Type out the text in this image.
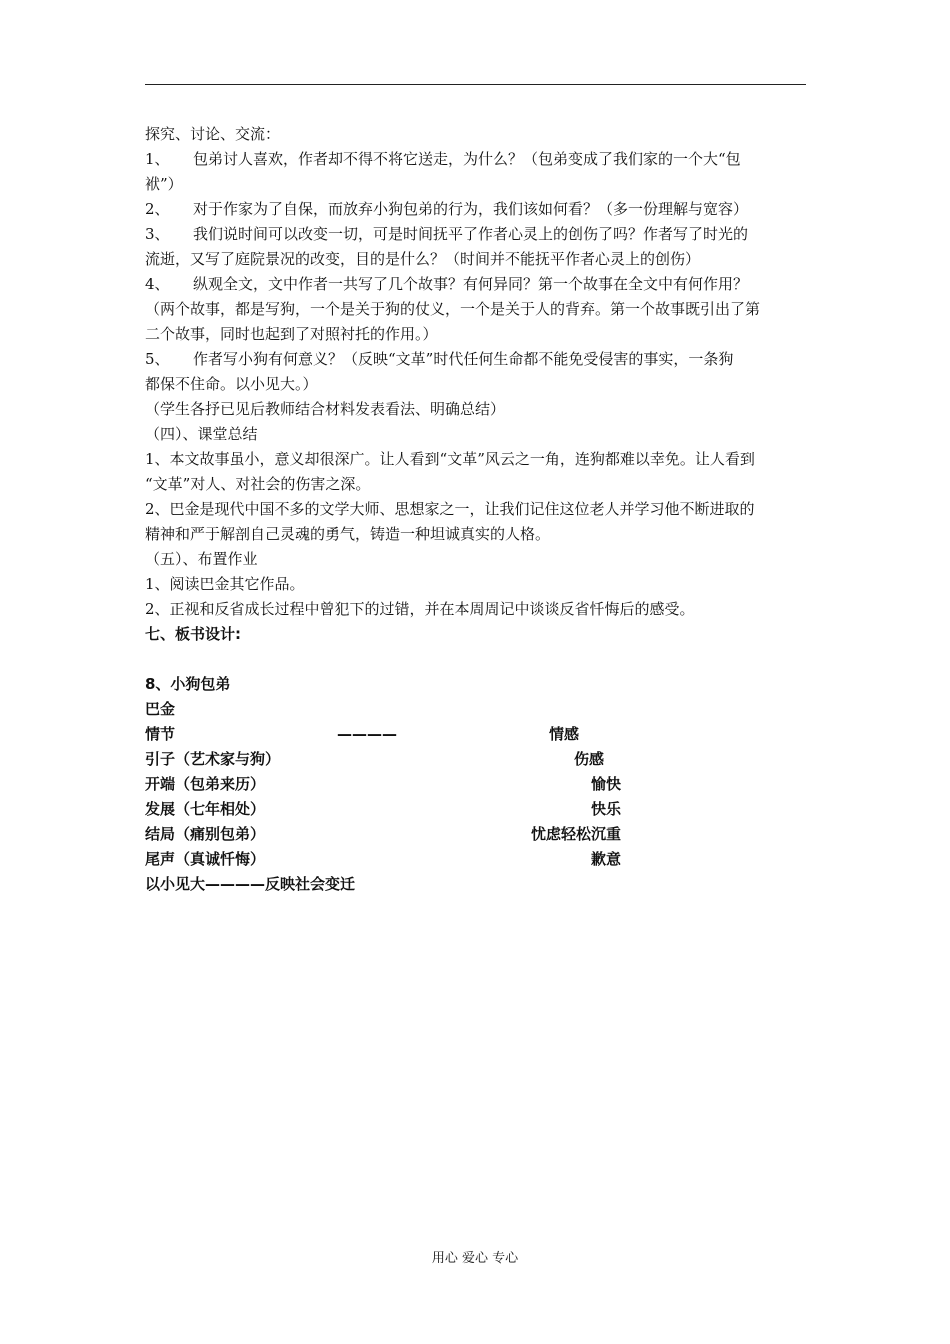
探究、讨论、交流：
1、 包弟讨人喜欢，作者却不得不将它送走，为什么？（包弟变成了我们家的一个大“包
袱”）
2、 对于作家为了自保，而放弃小狗包弟的行为，我们该如何看？（多一份理解与宽容）
3、 我们说时间可以改变一切，可是时间抚平了作者心灵上的创伤了吗？作者写了时光的
流逝，又写了庭院景况的改变，目的是什么？（时间并不能抚平作者心灵上的创伤）
4、 纵观全文，文中作者一共写了几个故事？有何异同？第一个故事在全文中有何作用？
（两个故事，都是写狗，一个是关于狗的仗义，一个是关于人的背弃。第一个故事既引出了第
二个故事，同时也起到了对照衬托的作用。）
5、 作者写小狗有何意义？（反映“文革”时代任何生命都不能免受侵害的事实，一条狗
都保不住命。以小见大。）
（学生各抒已见后教师结合材料发表看法、明确总结）
（四）、课堂总结
1、本文故事虽小，意义却很深广。让人看到“文革”风云之一角，连狗都难以幸免。让人看到
“文革”对人、对社会的伤害之深。
2、巴金是现代中国不多的文学大师、思想家之一，让我们记住这位老人并学习他不断进取的
精神和严于解剖自己灵魂的勇气，铸造一种坦诚真实的人格。
（五）、布置作业
1、阅读巴金其它作品。
2、正视和反省成长过程中曾犯下的过错，并在本周周记中谈谈反省忏悔后的感受。
七、板书设计:
8、小狗包弟
巴金
情节	————	情感
引子（艺术家与狗）	伤感
开端（包弟来历）	愉快
发展（七年相处）	快乐
结局（痛别包弟）	忧虑轻松沉重
尾声（真诚忏悔）	歉意
以小见大————反映社会变迁
用心 爱心 专心
